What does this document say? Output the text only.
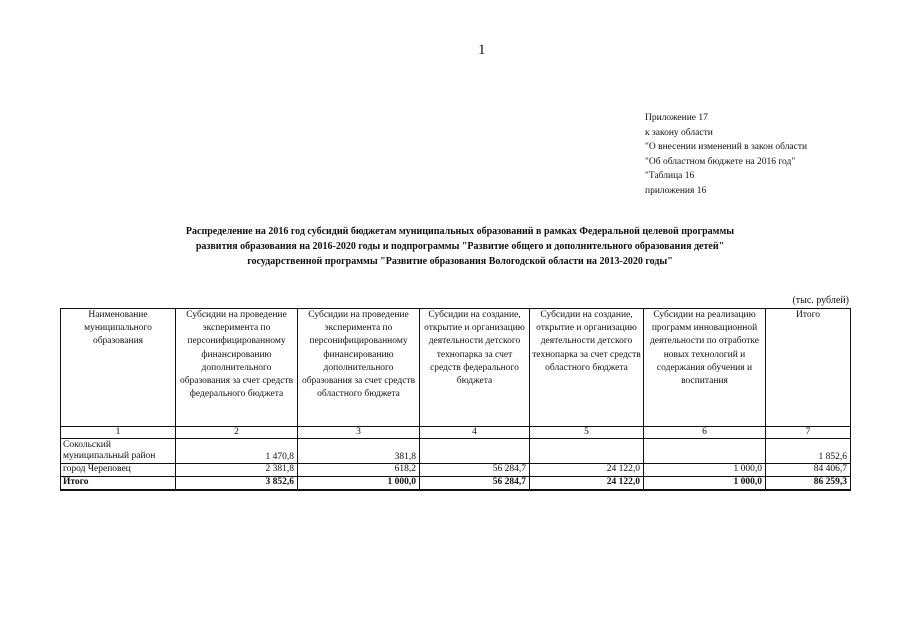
1
Приложение 17
к закону области
"О внесении изменений в закон области
"Об областном бюджете на 2016 год"
"Таблица 16
приложения 16
Распределение на 2016 год субсидий бюджетам муниципальных образований в рамках Федеральной целевой программы
развития образования на 2016-2020 годы и подпрограммы "Развитие общего и дополнительного образования детей"
государственной программы "Развитие образования Вологодской области на 2013-2020 годы"
(тыс. рублей)
Наименование муниципального образования	Субсидии на проведение эксперимента по персонифицированному финансированию дополнительного образования за счет средств федерального бюджета	Субсидии на проведение эксперимента по персонифицированному финансированию дополнительного образования за счет средств областного бюджета	Субсидии на создание, открытие и организацию деятельности детского технопарка за счет средств федерального бюджета	Субсидии на создание, открытие и организацию деятельности детского технопарка за счет средств областного бюджета	Субсидии на реализацию программ инновационной деятельности по отработке новых технологий и содержания обучения и воспитания	Итого
1	2	3	4	5	6	7
Сокольский муниципальный район	1 470,8	381,8				1 852,6
город Череповец	2 381,8	618,2	56 284,7	24 122,0	1 000,0	84 406,7
Итого	3 852,6	1 000,0	56 284,7	24 122,0	1 000,0	86 259,3
